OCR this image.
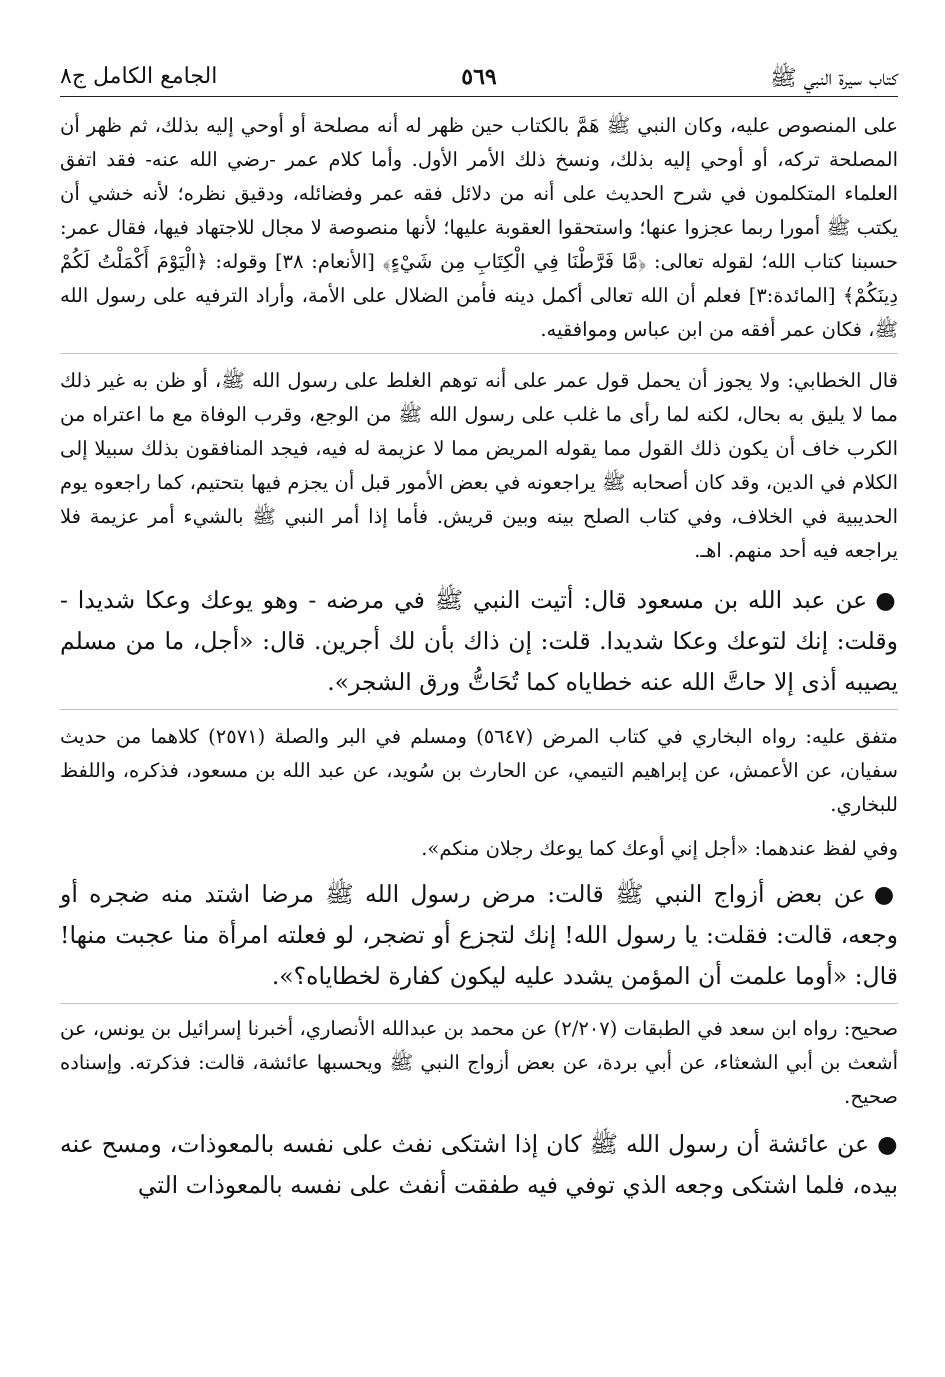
كتاب سيرة النبي ﷺ
٥٦٩
الجامع الكامل ج٨
على المنصوص عليه، وكان النبي ﷺ هَمَّ بالكتاب حين ظهر له أنه مصلحة أو أوحي إليه بذلك، ثم ظهر أن المصلحة تركه، أو أوحي إليه بذلك، ونسخ ذلك الأمر الأول. وأما كلام عمر -رضي الله عنه- فقد اتفق العلماء المتكلمون في شرح الحديث على أنه من دلائل فقه عمر وفضائله، ودقيق نظره؛ لأنه خشي أن يكتب ﷺ أمورا ربما عجزوا عنها؛ واستحقوا العقوبة عليها؛ لأنها منصوصة لا مجال للاجتهاد فيها، فقال عمر: حسبنا كتاب الله؛ لقوله تعالى: ﴿مَّا فَرَّطْنَا فِي الْكِتَابِ مِن شَيْءٍ﴾ [الأنعام: ٣٨] وقوله: ﴿الْيَوْمَ أَكْمَلْتُ لَكُمْ دِينَكُمْ﴾ [المائدة:٣] فعلم أن الله تعالى أكمل دينه فأمن الضلال على الأمة، وأراد الترفيه على رسول الله ﷺ، فكان عمر أفقه من ابن عباس وموافقيه.
قال الخطابي: ولا يجوز أن يحمل قول عمر على أنه توهم الغلط على رسول الله ﷺ، أو ظن به غير ذلك مما لا يليق به بحال، لكنه لما رأى ما غلب على رسول الله ﷺ من الوجع، وقرب الوفاة مع ما اعتراه من الكرب خاف أن يكون ذلك القول مما يقوله المريض مما لا عزيمة له فيه، فيجد المنافقون بذلك سبيلا إلى الكلام في الدين، وقد كان أصحابه ﷺ يراجعونه في بعض الأمور قبل أن يجزم فيها بتحتيم، كما راجعوه يوم الحديبية في الخلاف، وفي كتاب الصلح بينه وبين قريش. فأما إذا أمر النبي ﷺ بالشيء أمر عزيمة فلا يراجعه فيه أحد منهم. اهـ.
●عن عبد الله بن مسعود قال: أتيت النبي ﷺ في مرضه - وهو يوعك وعكا شديدا - وقلت: إنك لتوعك وعكا شديدا. قلت: إن ذاك بأن لك أجرين. قال: «أجل، ما من مسلم يصيبه أذى إلا حاتَّ الله عنه خطاياه كما تُحَاتُّ ورق الشجر».
متفق عليه: رواه البخاري في كتاب المرض (٥٦٤٧) ومسلم في البر والصلة (٢٥٧١) كلاهما من حديث سفيان، عن الأعمش، عن إبراهيم التيمي، عن الحارث بن سُويد، عن عبد الله بن مسعود، فذكره، واللفظ للبخاري.
وفي لفظ عندهما: «أجل إني أوعك كما يوعك رجلان منكم».
●عن بعض أزواج النبي ﷺ قالت: مرض رسول الله ﷺ مرضا اشتد منه ضجره أو وجعه، قالت: فقلت: يا رسول الله! إنك لتجزع أو تضجر، لو فعلته امرأة منا عجبت منها! قال: «أوما علمت أن المؤمن يشدد عليه ليكون كفارة لخطاياه؟».
صحيح: رواه ابن سعد في الطبقات (٢/٢٠٧) عن محمد بن عبدالله الأنصاري، أخبرنا إسرائيل بن يونس، عن أشعث بن أبي الشعثاء، عن أبي بردة، عن بعض أزواج النبي ﷺ ويحسبها عائشة، قالت: فذكرته. وإسناده صحيح.
●عن عائشة أن رسول الله ﷺ كان إذا اشتكى نفث على نفسه بالمعوذات، ومسح عنه بيده، فلما اشتكى وجعه الذي توفي فيه طفقت أنفث على نفسه بالمعوذات التي
